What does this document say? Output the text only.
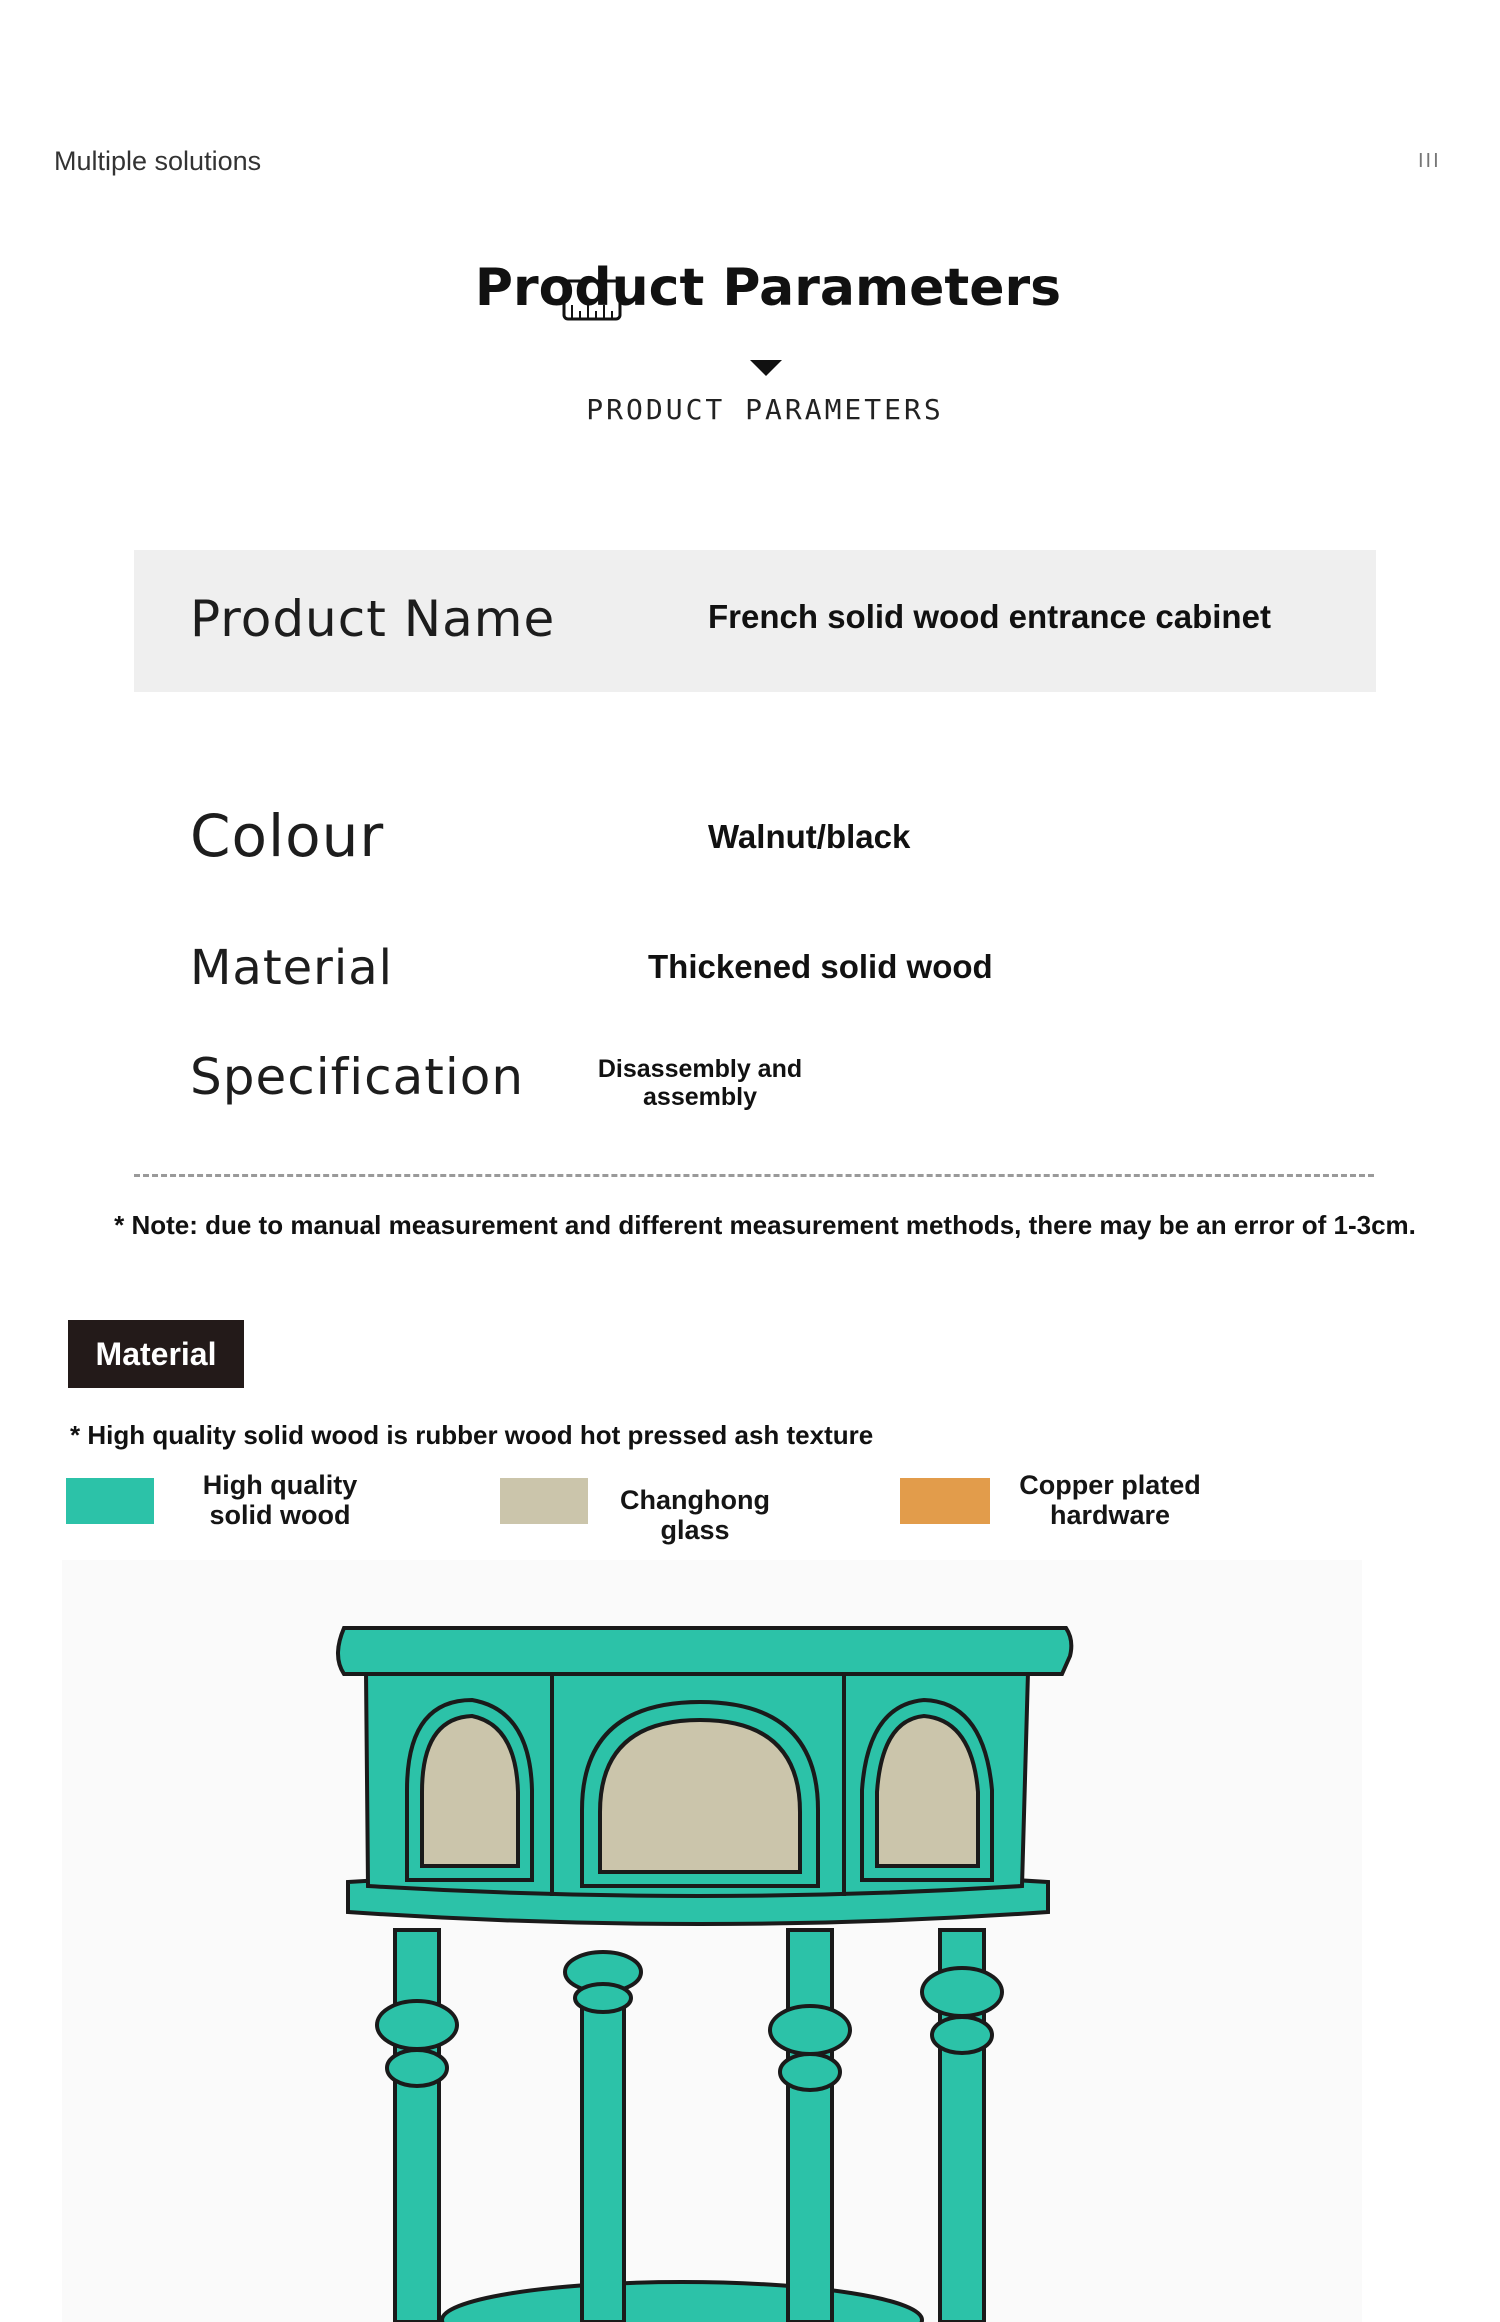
Multiple solutions	III
Product Parameters
PRODUCT PARAMETERS
Product Name	French solid wood entrance cabinet
Colour	Walnut/black
Material	Thickened solid wood
Specification	Disassembly and
assembly
* Note: due to manual measurement and different measurement methods, there may be an error of 1-3cm.
Material
* High quality solid wood is rubber wood hot pressed ash texture
High quality
solid wood	Changhong glass
Copper plated
hardware
